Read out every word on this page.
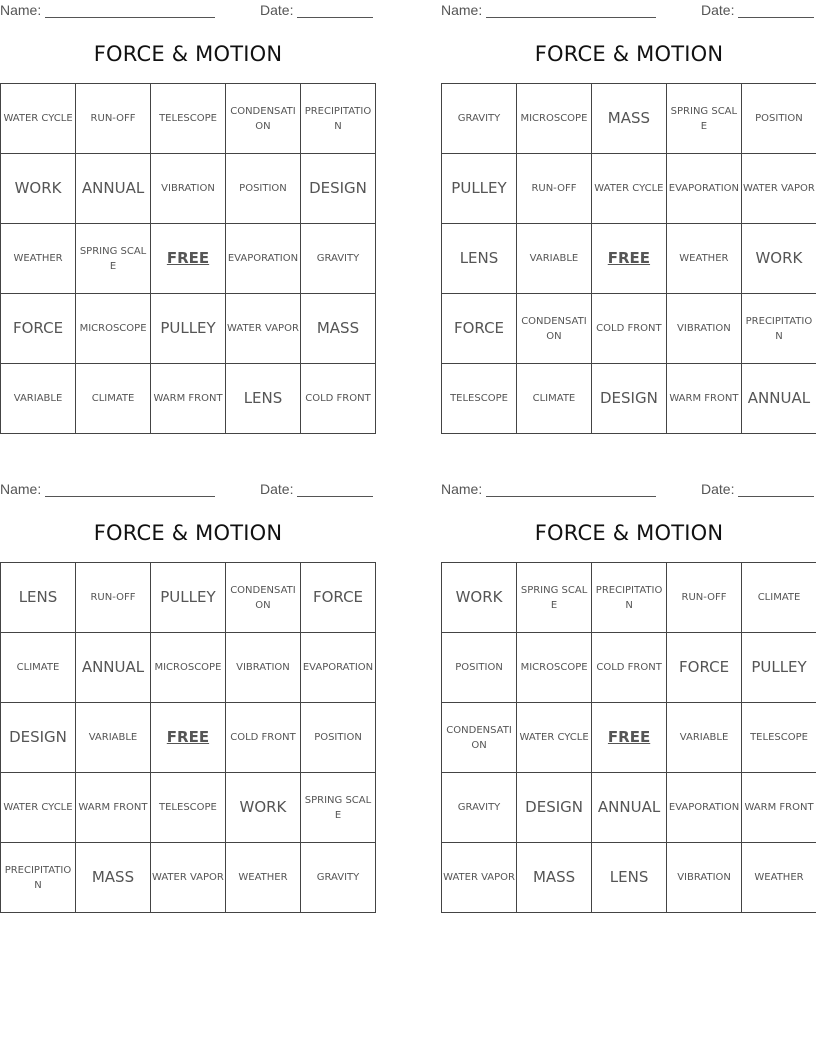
Name:	Date:
FORCE & MOTION
WATER CYCLE	RUN-OFF	TELESCOPE	CONDENSATION	PRECIPITATION
WORK	ANNUAL	VIBRATION	POSITION	DESIGN
WEATHER	SPRING SCALE	FREE	EVAPORATION	GRAVITY
FORCE	MICROSCOPE	PULLEY	WATER VAPOR	MASS
VARIABLE	CLIMATE	WARM FRONT	LENS	COLD FRONT
Name:	Date:
FORCE & MOTION
GRAVITY	MICROSCOPE	MASS	SPRING SCALE	POSITION
PULLEY	RUN-OFF	WATER CYCLE	EVAPORATION	WATER VAPOR
LENS	VARIABLE	FREE	WEATHER	WORK
FORCE	CONDENSATION	COLD FRONT	VIBRATION	PRECIPITATION
TELESCOPE	CLIMATE	DESIGN	WARM FRONT	ANNUAL
Name:	Date:
FORCE & MOTION
LENS	RUN-OFF	PULLEY	CONDENSATION	FORCE
CLIMATE	ANNUAL	MICROSCOPE	VIBRATION	EVAPORATION
DESIGN	VARIABLE	FREE	COLD FRONT	POSITION
WATER CYCLE	WARM FRONT	TELESCOPE	WORK	SPRING SCALE
PRECIPITATION	MASS	WATER VAPOR	WEATHER	GRAVITY
Name:	Date:
FORCE & MOTION
WORK	SPRING SCALE	PRECIPITATION	RUN-OFF	CLIMATE
POSITION	MICROSCOPE	COLD FRONT	FORCE	PULLEY
CONDENSATION	WATER CYCLE	FREE	VARIABLE	TELESCOPE
GRAVITY	DESIGN	ANNUAL	EVAPORATION	WARM FRONT
WATER VAPOR	MASS	LENS	VIBRATION	WEATHER
